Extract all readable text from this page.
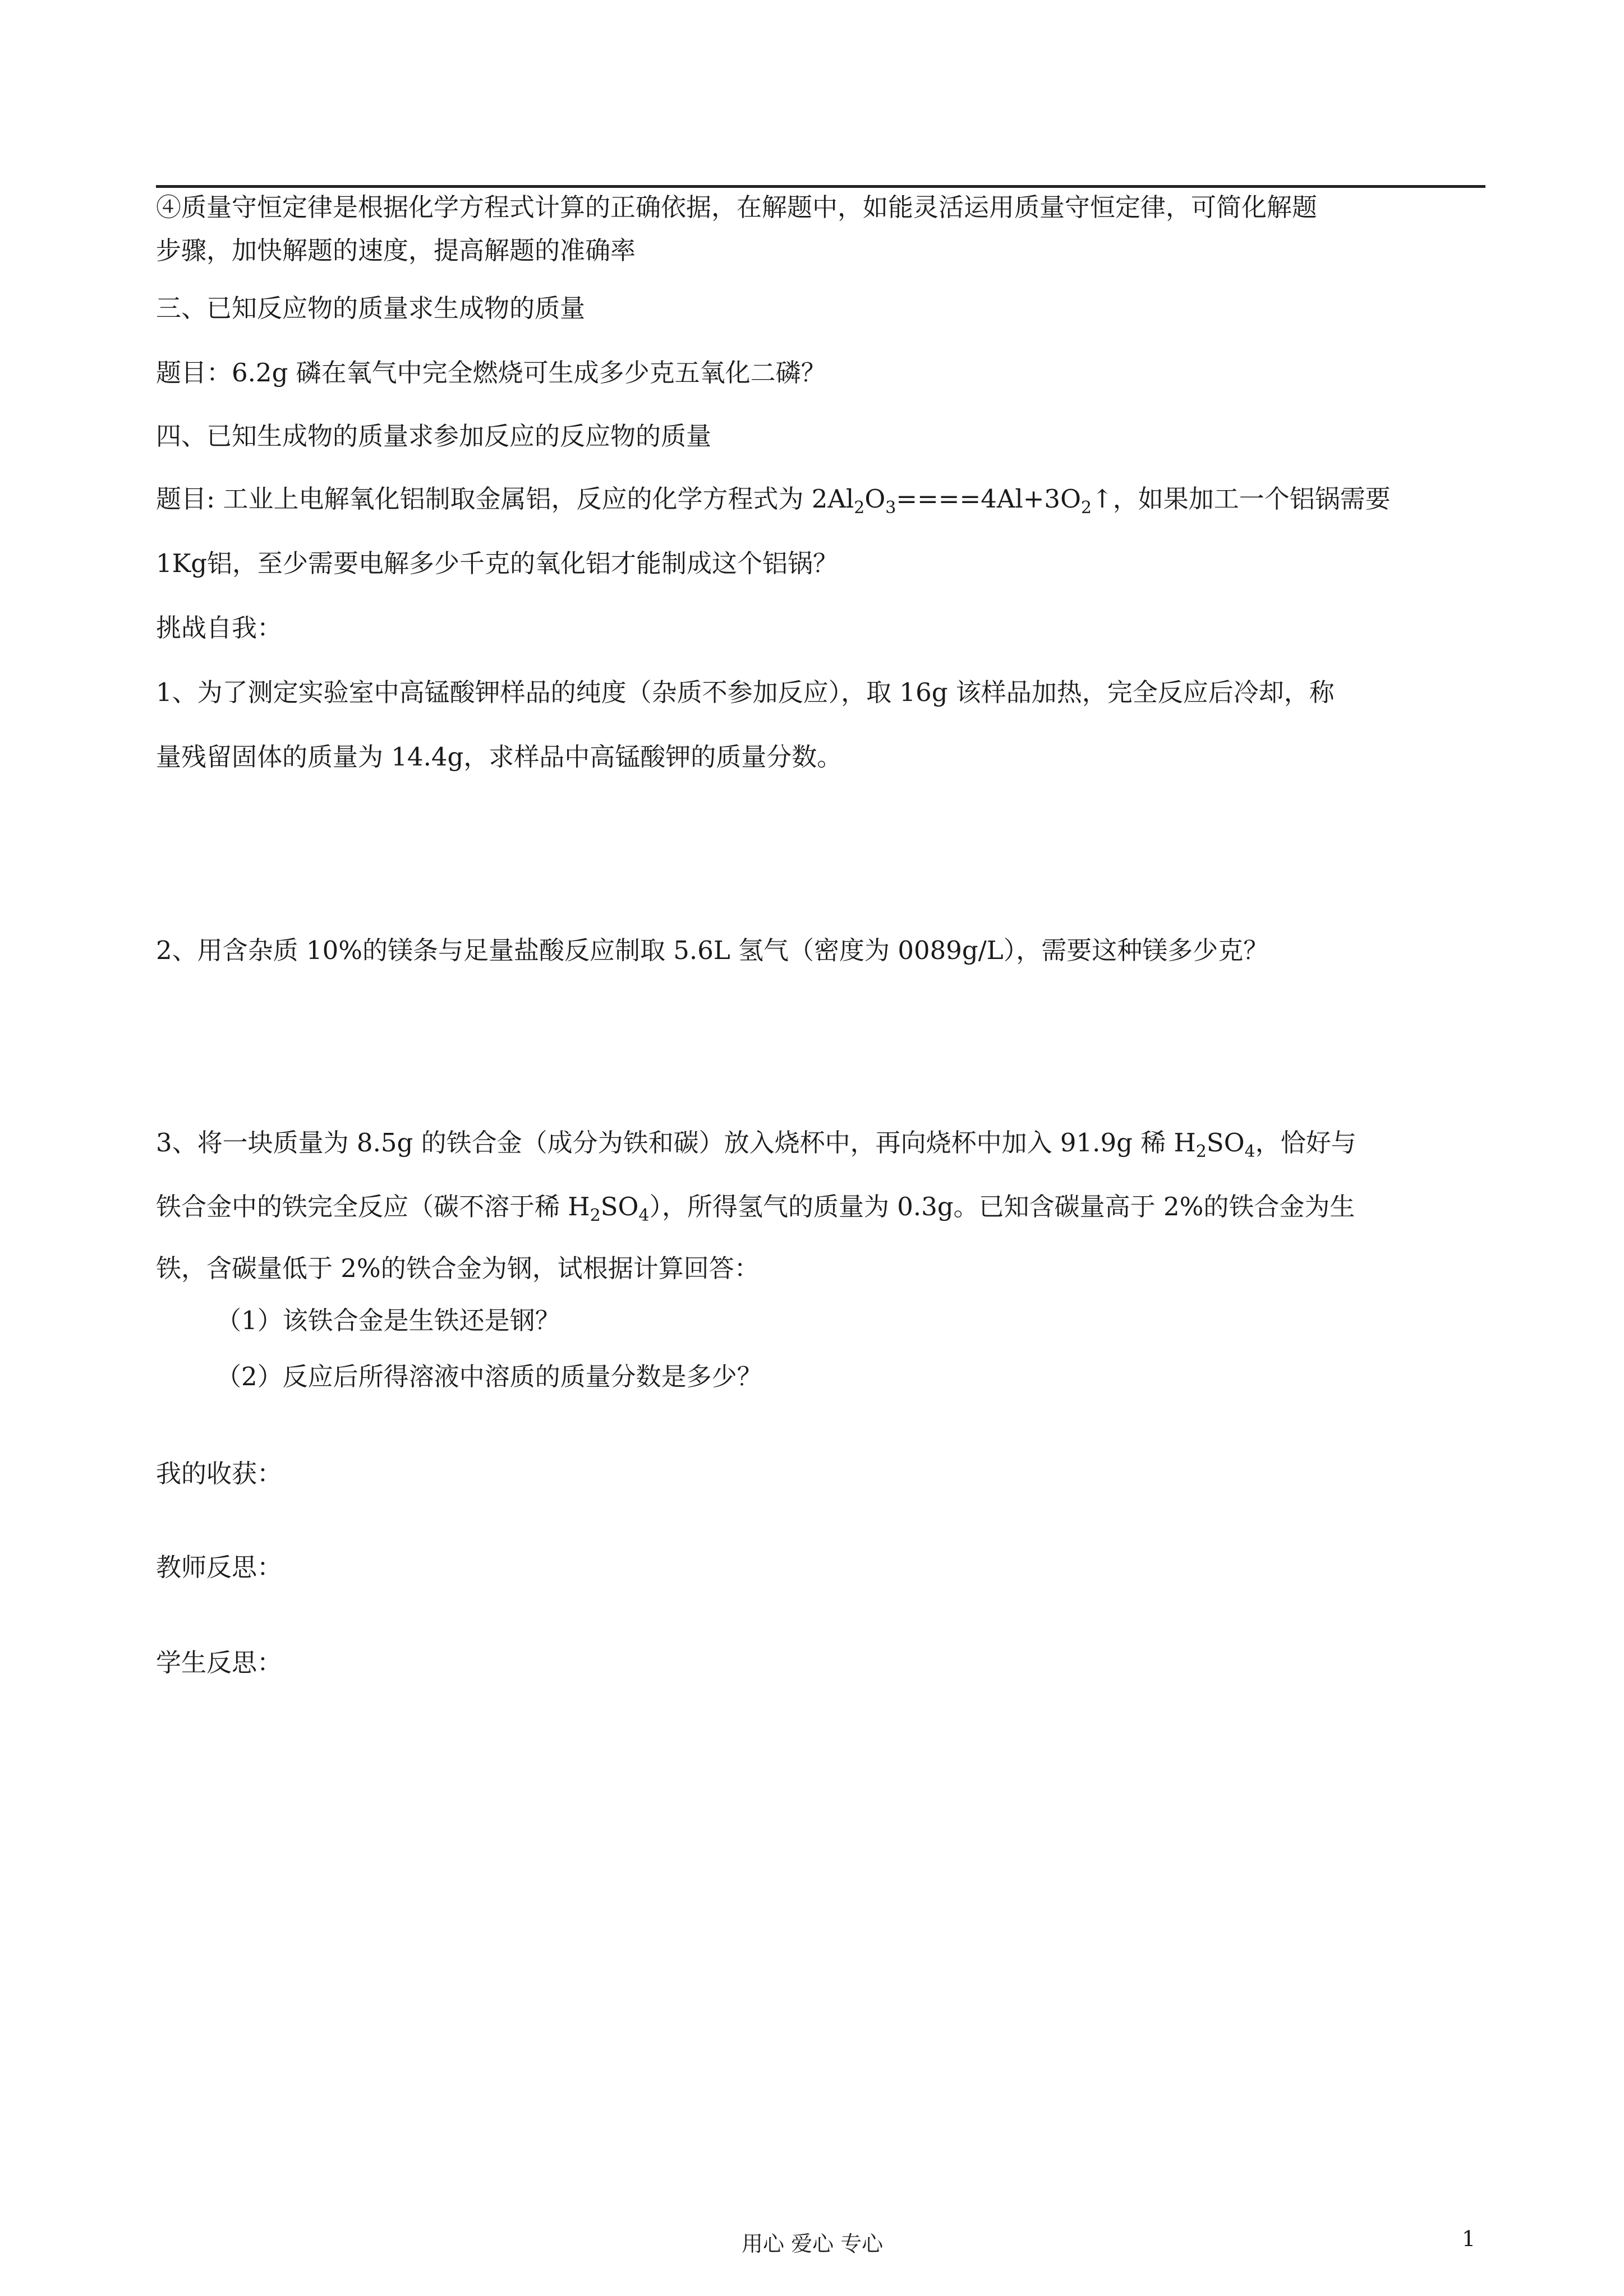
④质量守恒定律是根据化学方程式计算的正确依据，在解题中，如能灵活运用质量守恒定律，可简化解题
步骤，加快解题的速度，提高解题的准确率
三、已知反应物的质量求生成物的质量
题目：6.2g 磷在氧气中完全燃烧可生成多少克五氧化二磷？
四、已知生成物的质量求参加反应的反应物的质量
题目: 工业上电解氧化铝制取金属铝，反应的化学方程式为 $2Al_2O_3====4Al+3O_2↑$，如果加工一个铝锅需要
1Kg铝，至少需要电解多少千克的氧化铝才能制成这个铝锅？
挑战自我：
1、为了测定实验室中高锰酸钾样品的纯度（杂质不参加反应），取 16g 该样品加热，完全反应后冷却，称
量残留固体的质量为 14.4g，求样品中高锰酸钾的质量分数。
2、用含杂质 10%的镁条与足量盐酸反应制取 5.6L 氢气（密度为 0089g/L），需要这种镁多少克？
3、将一块质量为 8.5g 的铁合金（成分为铁和碳）放入烧杯中，再向烧杯中加入 91.9g 稀 $H_2SO_4$，恰好与
铁合金中的铁完全反应（碳不溶于稀 $H_2SO_4$），所得氢气的质量为 0.3g。已知含碳量高于 2%的铁合金为生
铁，含碳量低于 2%的铁合金为钢，试根据计算回答：
（1）该铁合金是生铁还是钢？
（2）反应后所得溶液中溶质的质量分数是多少？
我的收获：
教师反思：
学生反思：
用心 爱心 专心	1
